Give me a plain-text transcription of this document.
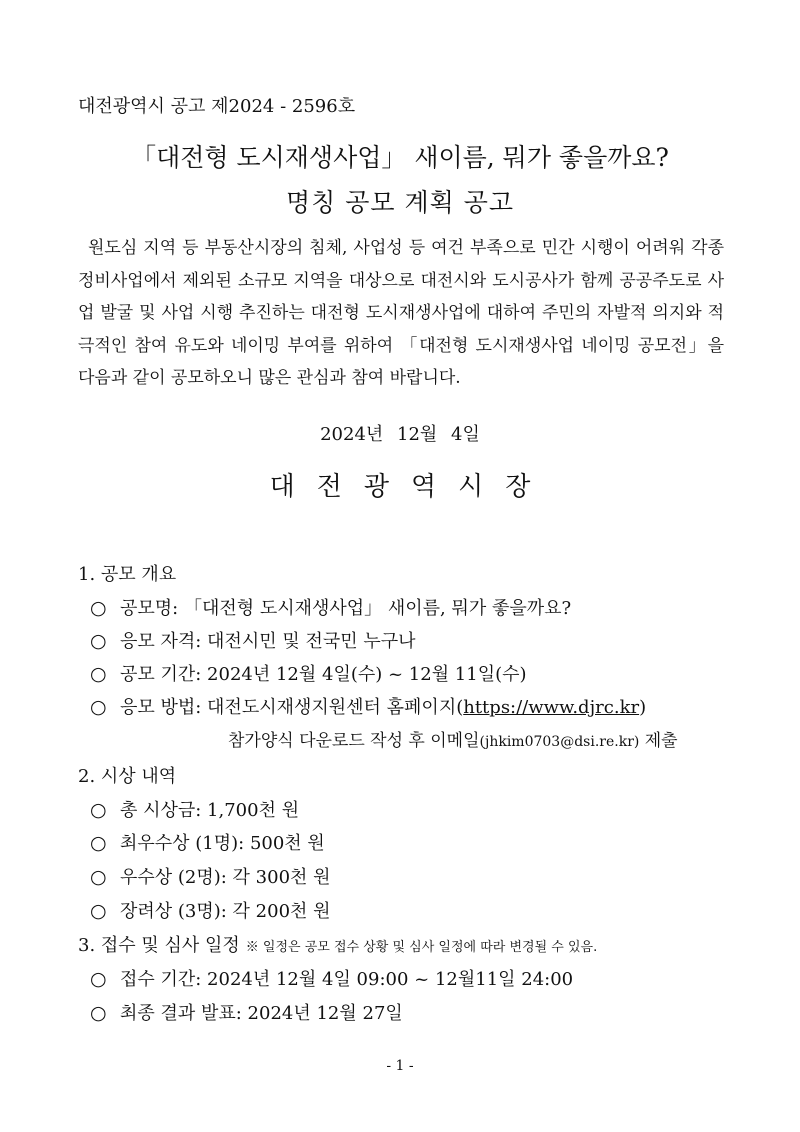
대전광역시 공고 제2024 - 2596호
「대전형 도시재생사업」 새이름, 뭐가 좋을까요?
명칭 공모 계획 공고
원도심 지역 등 부동산시장의 침체, 사업성 등 여건 부족으로 민간 시행이 어려워 각종 정비사업에서 제외된 소규모 지역을 대상으로 대전시와 도시공사가 함께 공공주도로 사업 발굴 및 사업 시행 추진하는 대전형 도시재생사업에 대하여 주민의 자발적 의지와 적극적인 참여 유도와 네이밍 부여를 위하여 「대전형 도시재생사업 네이밍 공모전」을 다음과 같이 공모하오니 많은 관심과 참여 바랍니다.
2024년 12월 4일
대전광역시장
1. 공모 개요
○ 공모명: 「대전형 도시재생사업」 새이름, 뭐가 좋을까요?
○ 응모 자격: 대전시민 및 전국민 누구나
○ 공모 기간: 2024년 12월 4일(수) ~ 12월 11일(수)
○ 응모 방법: 대전도시재생지원센터 홈페이지(https://www.djrc.kr)
참가양식 다운로드 작성 후 이메일(jhkim0703@dsi.re.kr) 제출
2. 시상 내역
○ 총 시상금: 1,700천 원
○ 최우수상 (1명): 500천 원
○ 우수상 (2명): 각 300천 원
○ 장려상 (3명): 각 200천 원
3. 접수 및 심사 일정 ※ 일정은 공모 접수 상황 및 심사 일정에 따라 변경될 수 있음.
○ 접수 기간: 2024년 12월 4일 09:00 ~ 12월11일 24:00
○ 최종 결과 발표: 2024년 12월 27일
- 1 -
